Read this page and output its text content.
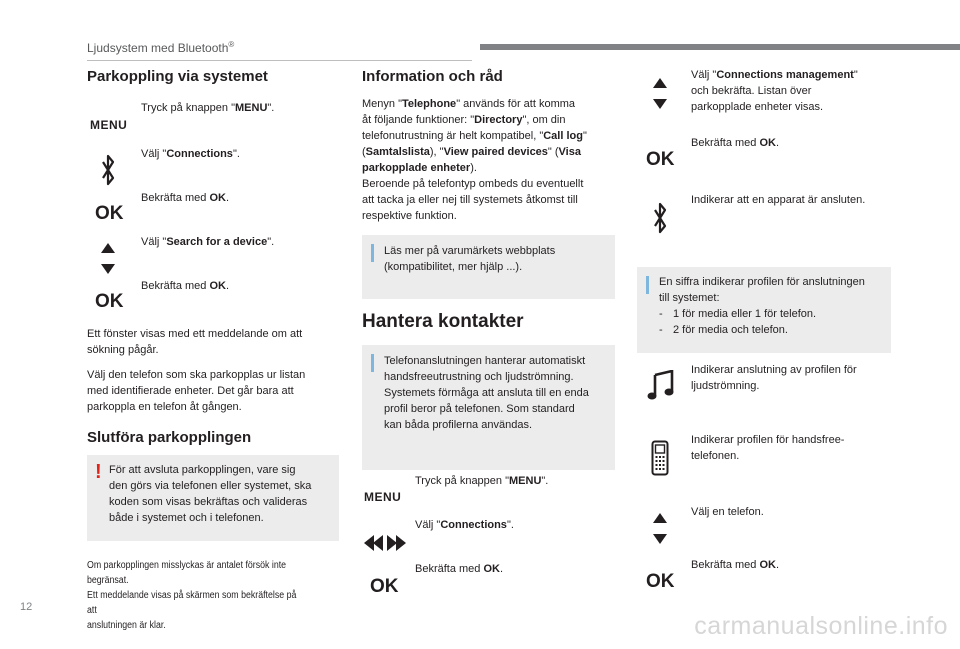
Ljudsystem med Bluetooth®
Parkoppling via systemet
MENU
Tryck på knappen "MENU".
Välj "Connections".
OK
Bekräfta med OK.
Välj "Search for a device".
OK
Bekräfta med OK.
Ett fönster visas med ett meddelande om att
sökning pågår.
Välj den telefon som ska parkopplas ur listan
med identifierade enheter. Det går bara att
parkoppla en telefon åt gången.
Slutföra parkopplingen
! För att avsluta parkopplingen, vare sig
den görs via telefonen eller systemet, ska
koden som visas bekräftas och valideras
både i systemet och i telefonen.
Om parkopplingen misslyckas är antalet försök inte begränsat.
Ett meddelande visas på skärmen som bekräftelse på att
anslutningen är klar.
Information och råd
Menyn "Telephone" används för att komma
åt följande funktioner: "Directory", om din
telefonutrustning är helt kompatibel, "Call log"
(Samtalslista), "View paired devices" (Visa
parkopplade enheter).
Beroende på telefontyp ombeds du eventuellt
att tacka ja eller nej till systemets åtkomst till
respektive funktion.
Läs mer på varumärkets webbplats
(kompatibilitet, mer hjälp ...).
Hantera kontakter
Telefonanslutningen hanterar automatiskt
handsfreeutrustning och ljudströmning.
Systemets förmåga att ansluta till en enda
profil beror på telefonen. Som standard
kan båda profilerna användas.
MENU
Tryck på knappen "MENU".
Välj "Connections".
OK
Bekräfta med OK.
Välj "Connections management"
och bekräfta. Listan över
parkopplade enheter visas.
OK
Bekräfta med OK.
Indikerar att en apparat är ansluten.
En siffra indikerar profilen för anslutningen
till systemet:
- 1 för media eller 1 för telefon.
- 2 för media och telefon.
Indikerar anslutning av profilen för
ljudströmning.
Indikerar profilen för handsfree-
telefonen.
Välj en telefon.
OK
Bekräfta med OK.
12
carmanualsonline.info
